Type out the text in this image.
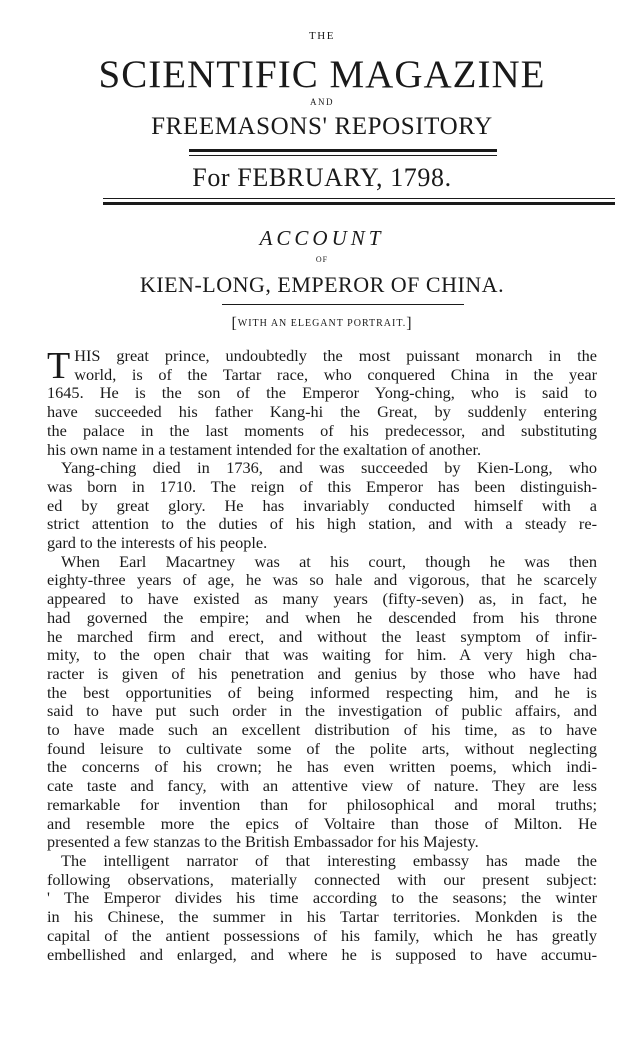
THE
SCIENTIFIC MAGAZINE
AND
FREEMASONS' REPOSITORY
For FEBRUARY, 1798.
ACCOUNT
OF
KIEN-LONG, EMPEROR OF CHINA.
[WITH AN ELEGANT PORTRAIT.]
T HIS great prince, undoubtedly the most puissant monarch in the
world, is of the Tartar race, who conquered China in the year
1645. He is the son of the Emperor Yong-ching, who is said to
have succeeded his father Kang-hi the Great, by suddenly entering
the palace in the last moments of his predecessor, and substituting
his own name in a testament intended for the exaltation of another.
Yang-ching died in 1736, and was succeeded by Kien-Long, who
was born in 1710. The reign of this Emperor has been distinguish-
ed by great glory. He has invariably conducted himself with a
strict attention to the duties of his high station, and with a steady re-
gard to the interests of his people.
When Earl Macartney was at his court, though he was then
eighty-three years of age, he was so hale and vigorous, that he scarcely
appeared to have existed as many years (fifty-seven) as, in fact, he
had governed the empire; and when he descended from his throne
he marched firm and erect, and without the least symptom of infir-
mity, to the open chair that was waiting for him. A very high cha-
racter is given of his penetration and genius by those who have had
the best opportunities of being informed respecting him, and he is
said to have put such order in the investigation of public affairs, and
to have made such an excellent distribution of his time, as to have
found leisure to cultivate some of the polite arts, without neglecting
the concerns of his crown; he has even written poems, which indi-
cate taste and fancy, with an attentive view of nature. They are less
remarkable for invention than for philosophical and moral truths;
and resemble more the epics of Voltaire than those of Milton. He
presented a few stanzas to the British Embassador for his Majesty.
The intelligent narrator of that interesting embassy has made the
following observations, materially connected with our present subject:
' The Emperor divides his time according to the seasons; the winter
in his Chinese, the summer in his Tartar territories. Monkden is the
capital of the antient possessions of his family, which he has greatly
embellished and enlarged, and where he is supposed to have accumu-
